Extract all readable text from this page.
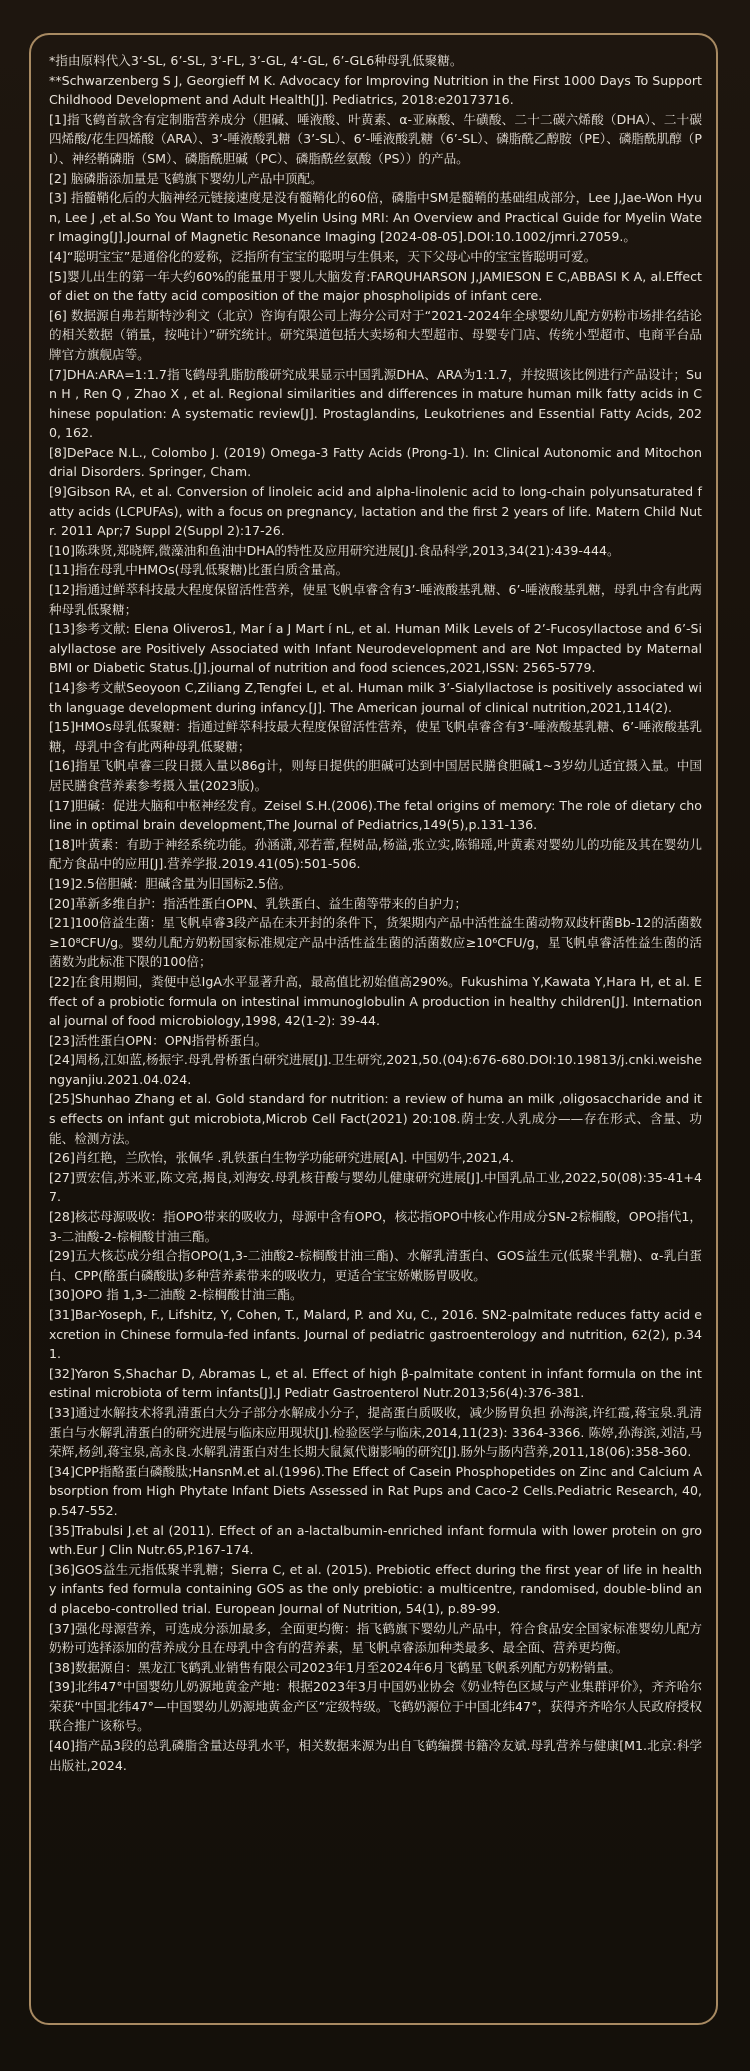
*指由原料代入3‘-SL, 6’-SL, 3‘-FL, 3’-GL, 4‘-GL, 6’-GL6种母乳低聚糖。

**Schwarzenberg S J, Georgieff M K. Advocacy for Improving Nutrition in the First 1000 Days To Support Childhood Development and Adult Health[J]. Pediatrics, 2018:e20173716.

[1]指飞鹤首款含有定制脂营养成分（胆碱、唾液酸、叶黄素、α-亚麻酸、牛磺酸、二十二碳六烯酸（DHA）、二十碳四烯酸/花生四烯酸（ARA）、3’-唾液酸乳糖（3’-SL）、6’-唾液酸乳糖（6’-SL）、磷脂酰乙醇胺（PE）、磷脂酰肌醇（PI）、神经鞘磷脂（SM）、磷脂酰胆碱（PC）、磷脂酰丝氨酸（PS））的产品。

[2] 脑磷脂添加量是飞鹤旗下婴幼儿产品中顶配。

[3] 指髓鞘化后的大脑神经元链接速度是没有髓鞘化的60倍，磷脂中SM是髓鞘的基础组成部分，Lee J,Jae-Won Hyun, Lee J ,et al.So You Want to Image Myelin Using MRI: An Overview and Practical Guide for Myelin Water Imaging[J].Journal of Magnetic Resonance Imaging [2024-08-05].DOI:10.1002/jmri.27059.。

[4]“聪明宝宝”是通俗化的爱称，泛指所有宝宝的聪明与生俱来，天下父母心中的宝宝皆聪明可爱。

[5]婴儿出生的第一年大约60%的能量用于婴儿大脑发育:FARQUHARSON J,JAMIESON E C,ABBASI K A, al.Effect of diet on the fatty acid composition of the major phospholipids of infant cere.

[6] 数据源自弗若斯特沙利文（北京）咨询有限公司上海分公司对于“2021-2024年全球婴幼儿配方奶粉市场排名结论的相关数据（销量，按吨计）”研究统计。研究渠道包括大卖场和大型超市、母婴专门店、传统小型超市、电商平台品牌官方旗舰店等。

[7]DHA:ARA=1:1.7指飞鹤母乳脂肪酸研究成果显示中国乳源DHA、ARA为1:1.7，并按照该比例进行产品设计；Sun H , Ren Q , Zhao X , et al. Regional similarities and differences in mature human milk fatty acids in Chinese population: A systematic review[J]. Prostaglandins, Leukotrienes and Essential Fatty Acids, 2020, 162.

[8]DePace N.L., Colombo J. (2019) Omega-3 Fatty Acids (Prong-1). In: Clinical Autonomic and Mitochondrial Disorders. Springer, Cham.

[9]Gibson RA, et al. Conversion of linoleic acid and alpha-linolenic acid to long-chain polyunsaturated fatty acids (LCPUFAs), with a focus on pregnancy, lactation and the first 2 years of life. Matern Child Nutr. 2011 Apr;7 Suppl 2(Suppl 2):17-26.

[10]陈珠贤,郑晓辉,微藻油和鱼油中DHA的特性及应用研究进展[J].食品科学,2013,34(21):439-444。

[11]指在母乳中HMOs(母乳低聚糖)比蛋白质含量高。

[12]指通过鲜萃科技最大程度保留活性营养，使星飞帆卓睿含有3’-唾液酸基乳糖、6’-唾液酸基乳糖，母乳中含有此两种母乳低聚糖；

[13]参考文献: Elena Oliveros1, Mar í a J Mart í nL, et al. Human Milk Levels of 2’-Fucosyllactose and 6’-Sialyllactose are Positively Associated with Infant Neurodevelopment and are Not Impacted by Maternal BMI or Diabetic Status.[J].journal of nutrition and food sciences,2021,ISSN: 2565-5779.

[14]参考文献Seoyoon C,Ziliang Z,Tengfei L, et al. Human milk 3’-Sialyllactose is positively associated with language development during infancy.[J]. The American journal of clinical nutrition,2021,114(2).

[15]HMOs母乳低聚糖：指通过鲜萃科技最大程度保留活性营养，使星飞帆卓睿含有3’-唾液酸基乳糖、6’-唾液酸基乳糖，母乳中含有此两种母乳低聚糖；

[16]指星飞帆卓睿三段日摄入量以86g计，则每日提供的胆碱可达到中国居民膳食胆碱1~3岁幼儿适宜摄入量。中国居民膳食营养素参考摄入量(2023版)。

[17]胆碱：促进大脑和中枢神经发育。Zeisel S.H.(2006).The fetal origins of memory: The role of dietary choline in optimal brain development,The Journal of Pediatrics,149(5),p.131-136.

[18]叶黄素：有助于神经系统功能。孙涵潇,邓若蕾,程树品,杨溢,张立实,陈锦瑶,叶黄素对婴幼儿的功能及其在婴幼儿配方食品中的应用[J].营养学报.2019.41(05):501-506.

[19]2.5倍胆碱：胆碱含量为旧国标2.5倍。

[20]革新多维自护：指活性蛋白OPN、乳铁蛋白、益生菌等带来的自护力；

[21]100倍益生菌：星飞帆卓睿3段产品在未开封的条件下，货架期内产品中活性益生菌动物双歧杆菌Bb-12的活菌数≥10⁸CFU/g。婴幼儿配方奶粉国家标准规定产品中活性益生菌的活菌数应≥10⁶CFU/g，星飞帆卓睿活性益生菌的活菌数为此标准下限的100倍；

[22]在食用期间，粪便中总IgA水平显著升高，最高值比初始值高290%。Fukushima Y,Kawata Y,Hara H, et al. Effect of a probiotic formula on intestinal immunoglobulin A production in healthy children[J]. International journal of food microbiology,1998, 42(1-2): 39-44.

[23]活性蛋白OPN：OPN指骨桥蛋白。

[24]周杨,江如蓝,杨振宇.母乳骨桥蛋白研究进展[J].卫生研究,2021,50.(04):676-680.DOI:10.19813/j.cnki.weishengyanjiu.2021.04.024.

[25]Shunhao Zhang et al. Gold standard for nutrition: a review of huma an milk ,oligosaccharide and its effects on infant gut microbiota,Microb Cell Fact(2021) 20:108.荫士安.人乳成分——存在形式、含量、功能、检测方法。

[26]肖红艳，兰欣怡，张佩华 .乳铁蛋白生物学功能研究进展[A]. 中国奶牛,2021,4.

[27]贾宏信,苏米亚,陈文亮,揭良,刘海安.母乳核苷酸与婴幼儿健康研究进展[J].中国乳品工业,2022,50(08):35-41+47.

[28]核芯母源吸收：指OPO带来的吸收力，母源中含有OPO，核芯指OPO中核心作用成分SN-2棕榈酸，OPO指代1，3-二油酸-2-棕榈酸甘油三酯。

[29]五大核芯成分组合指OPO(1,3-二油酸2-棕榈酸甘油三酯)、水解乳清蛋白、GOS益生元(低聚半乳糖)、α-乳白蛋白、CPP(酪蛋白磷酸肽)多种营养素带来的吸收力，更适合宝宝娇嫩肠胃吸收。

[30]OPO 指 1,3-二油酸 2-棕榈酸甘油三酯。

[31]Bar-Yoseph, F., Lifshitz, Y, Cohen, T., Malard, P. and Xu, C., 2016. SN2-palmitate reduces fatty acid excretion in Chinese formula-fed infants. Journal of pediatric gastroenterology and nutrition, 62(2), p.341.

[32]Yaron S,Shachar D, Abramas L, et al. Effect of high β-palmitate content in infant formula on the intestinal microbiota of term infants[J].J Pediatr Gastroenterol Nutr.2013;56(4):376-381.

[33]通过水解技术将乳清蛋白大分子部分水解成小分子，提高蛋白质吸收，减少肠胃负担 孙海滨,许红霞,蒋宝泉.乳清蛋白与水解乳清蛋白的研究进展与临床应用现状[J].检验医学与临床,2014,11(23): 3364-3366. 陈婷,孙海滨,刘洁,马荣辉,杨剑,蒋宝泉,高永良.水解乳清蛋白对生长期大鼠氮代谢影响的研究[J].肠外与肠内营养,2011,18(06):358-360.

[34]CPP指酪蛋白磷酸肽;HansnM.et al.(1996).The Effect of Casein Phosphopetides on Zinc and Calcium Absorption from High Phytate Infant Diets Assessed in Rat Pups and Caco-2 Cells.Pediatric Research, 40,p.547-552.

[35]Trabulsi J.et al (2011). Effect of an a-lactalbumin-enriched infant formula with lower protein on growth.Eur J Clin Nutr.65,P.167-174.

[36]GOS益生元指低聚半乳糖；Sierra C, et al. (2015). Prebiotic effect during the first year of life in healthy infants fed formula containing GOS as the only prebiotic: a multicentre, randomised, double-blind and placebo-controlled trial. European Journal of Nutrition, 54(1), p.89-99.

[37]强化母源营养，可选成分添加最多，全面更均衡：指飞鹤旗下婴幼儿产品中，符合食品安全国家标准婴幼儿配方奶粉可选择添加的营养成分且在母乳中含有的营养素，星飞帆卓睿添加种类最多、最全面、营养更均衡。

[38]数据源自：黑龙江飞鹤乳业销售有限公司2023年1月至2024年6月飞鹤星飞帆系列配方奶粉销量。

[39]北纬47°中国婴幼儿奶源地黄金产地：根据2023年3月中国奶业协会《奶业特色区域与产业集群评价》，齐齐哈尔荣获“中国北纬47°—中国婴幼儿奶源地黄金产区”定级特级。飞鹤奶源位于中国北纬47°，获得齐齐哈尔人民政府授权联合推广该称号。

[40]指产品3段的总乳磷脂含量达母乳水平，相关数据来源为出自飞鹤编撰书籍冷友斌.母乳营养与健康[M1.北京:科学出版社,2024.
